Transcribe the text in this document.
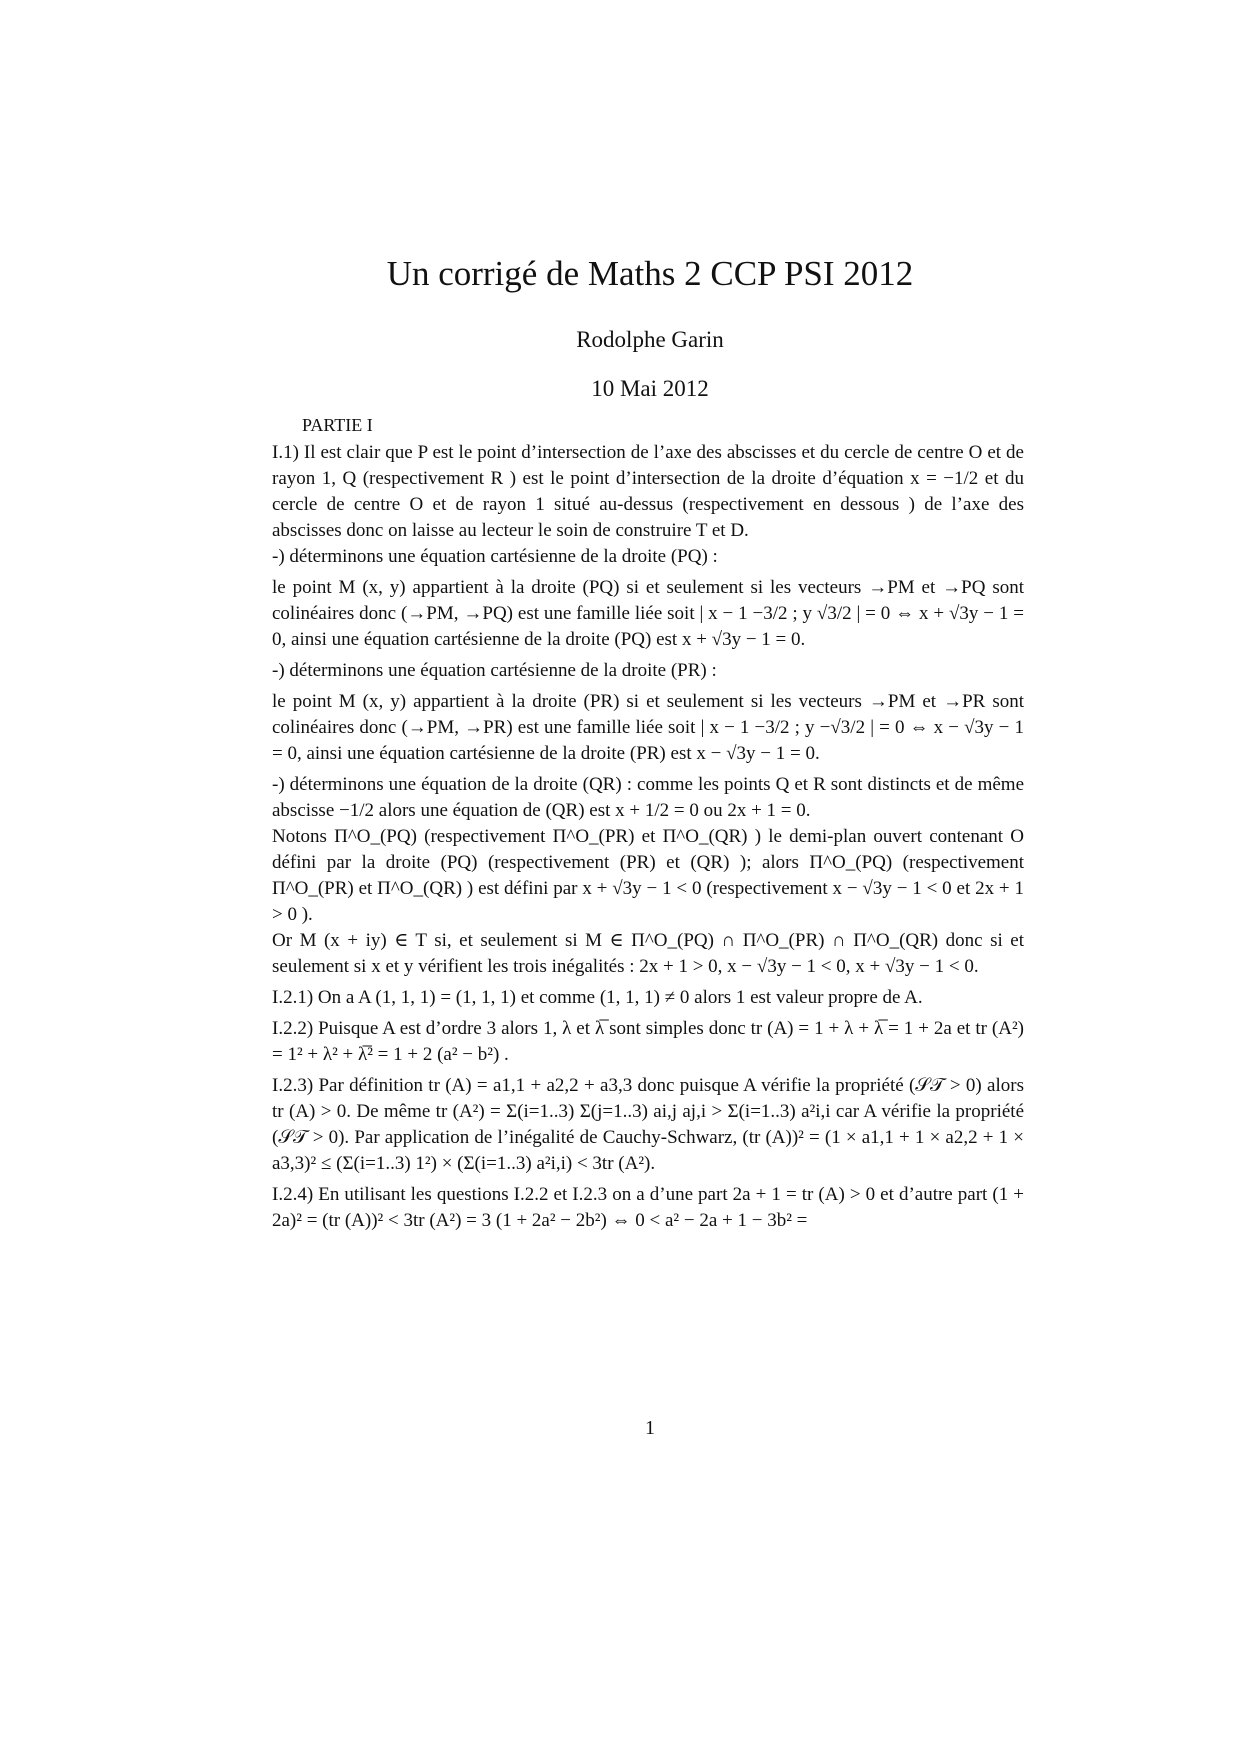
Un corrigé de Maths 2 CCP PSI 2012
Rodolphe Garin
10 Mai 2012

PARTIE I

I.1) Il est clair que P est le point d’intersection de l’axe des abscisses et du cercle de centre O et de rayon 1, Q (respectivement R ) est le point d’intersection de la droite d’équation x = −1/2 et du cercle de centre O et de rayon 1 situé au-dessus (respectivement en dessous ) de l’axe des abscisses donc on laisse au lecteur le soin de construire T et D.

-) déterminons une équation cartésienne de la droite (PQ) :

le point M (x, y) appartient à la droite (PQ) si et seulement si les vecteurs →PM et →PQ sont colinéaires donc (→PM, →PQ) est une famille liée soit | x − 1 −3/2 ; y √3/2 | = 0 ⇔ x + √3y − 1 = 0, ainsi une équation cartésienne de la droite (PQ) est x + √3y − 1 = 0.

-) déterminons une équation cartésienne de la droite (PR) :

le point M (x, y) appartient à la droite (PR) si et seulement si les vecteurs →PM et →PR sont colinéaires donc (→PM, →PR) est une famille liée soit | x − 1 −3/2 ; y −√3/2 | = 0 ⇔ x − √3y − 1 = 0, ainsi une équation cartésienne de la droite (PR) est x − √3y − 1 = 0.

-) déterminons une équation de la droite (QR) : comme les points Q et R sont distincts et de même abscisse −1/2 alors une équation de (QR) est x + 1/2 = 0 ou 2x + 1 = 0.

Notons Π^O_(PQ) (respectivement Π^O_(PR) et Π^O_(QR) ) le demi-plan ouvert contenant O défini par la droite (PQ) (respectivement (PR) et (QR) ); alors Π^O_(PQ) (respectivement Π^O_(PR) et Π^O_(QR) ) est défini par x + √3y − 1 < 0 (respectivement x − √3y − 1 < 0 et 2x + 1 > 0 ).

Or M (x + iy) ∈ T si, et seulement si M ∈ Π^O_(PQ) ∩ Π^O_(PR) ∩ Π^O_(QR) donc si et seulement si x et y vérifient les trois inégalités : 2x + 1 > 0, x − √3y − 1 < 0, x + √3y − 1 < 0.

I.2.1) On a A (1, 1, 1) = (1, 1, 1) et comme (1, 1, 1) ≠ 0 alors 1 est valeur propre de A.

I.2.2) Puisque A est d’ordre 3 alors 1, λ et λ̅ sont simples donc tr (A) = 1 + λ + λ̅ = 1 + 2a et tr (A²) = 1² + λ² + λ̅² = 1 + 2 (a² − b²) .

I.2.3) Par définition tr (A) = a1,1 + a2,2 + a3,3 donc puisque A vérifie la propriété (𝒮𝒯 > 0) alors tr (A) > 0. De même tr (A²) = Σ(i=1..3) Σ(j=1..3) ai,j aj,i > Σ(i=1..3) a²i,i car A vérifie la propriété (𝒮𝒯 > 0). Par application de l’inégalité de Cauchy-Schwarz, (tr (A))² = (1 × a1,1 + 1 × a2,2 + 1 × a3,3)² ≤ (Σ(i=1..3) 1²) × (Σ(i=1..3) a²i,i) < 3tr (A²).

I.2.4) En utilisant les questions I.2.2 et I.2.3 on a d’une part 2a + 1 = tr (A) > 0 et d’autre part (1 + 2a)² = (tr (A))² < 3tr (A²) = 3 (1 + 2a² − 2b²) ⇔ 0 < a² − 2a + 1 − 3b² =

1
